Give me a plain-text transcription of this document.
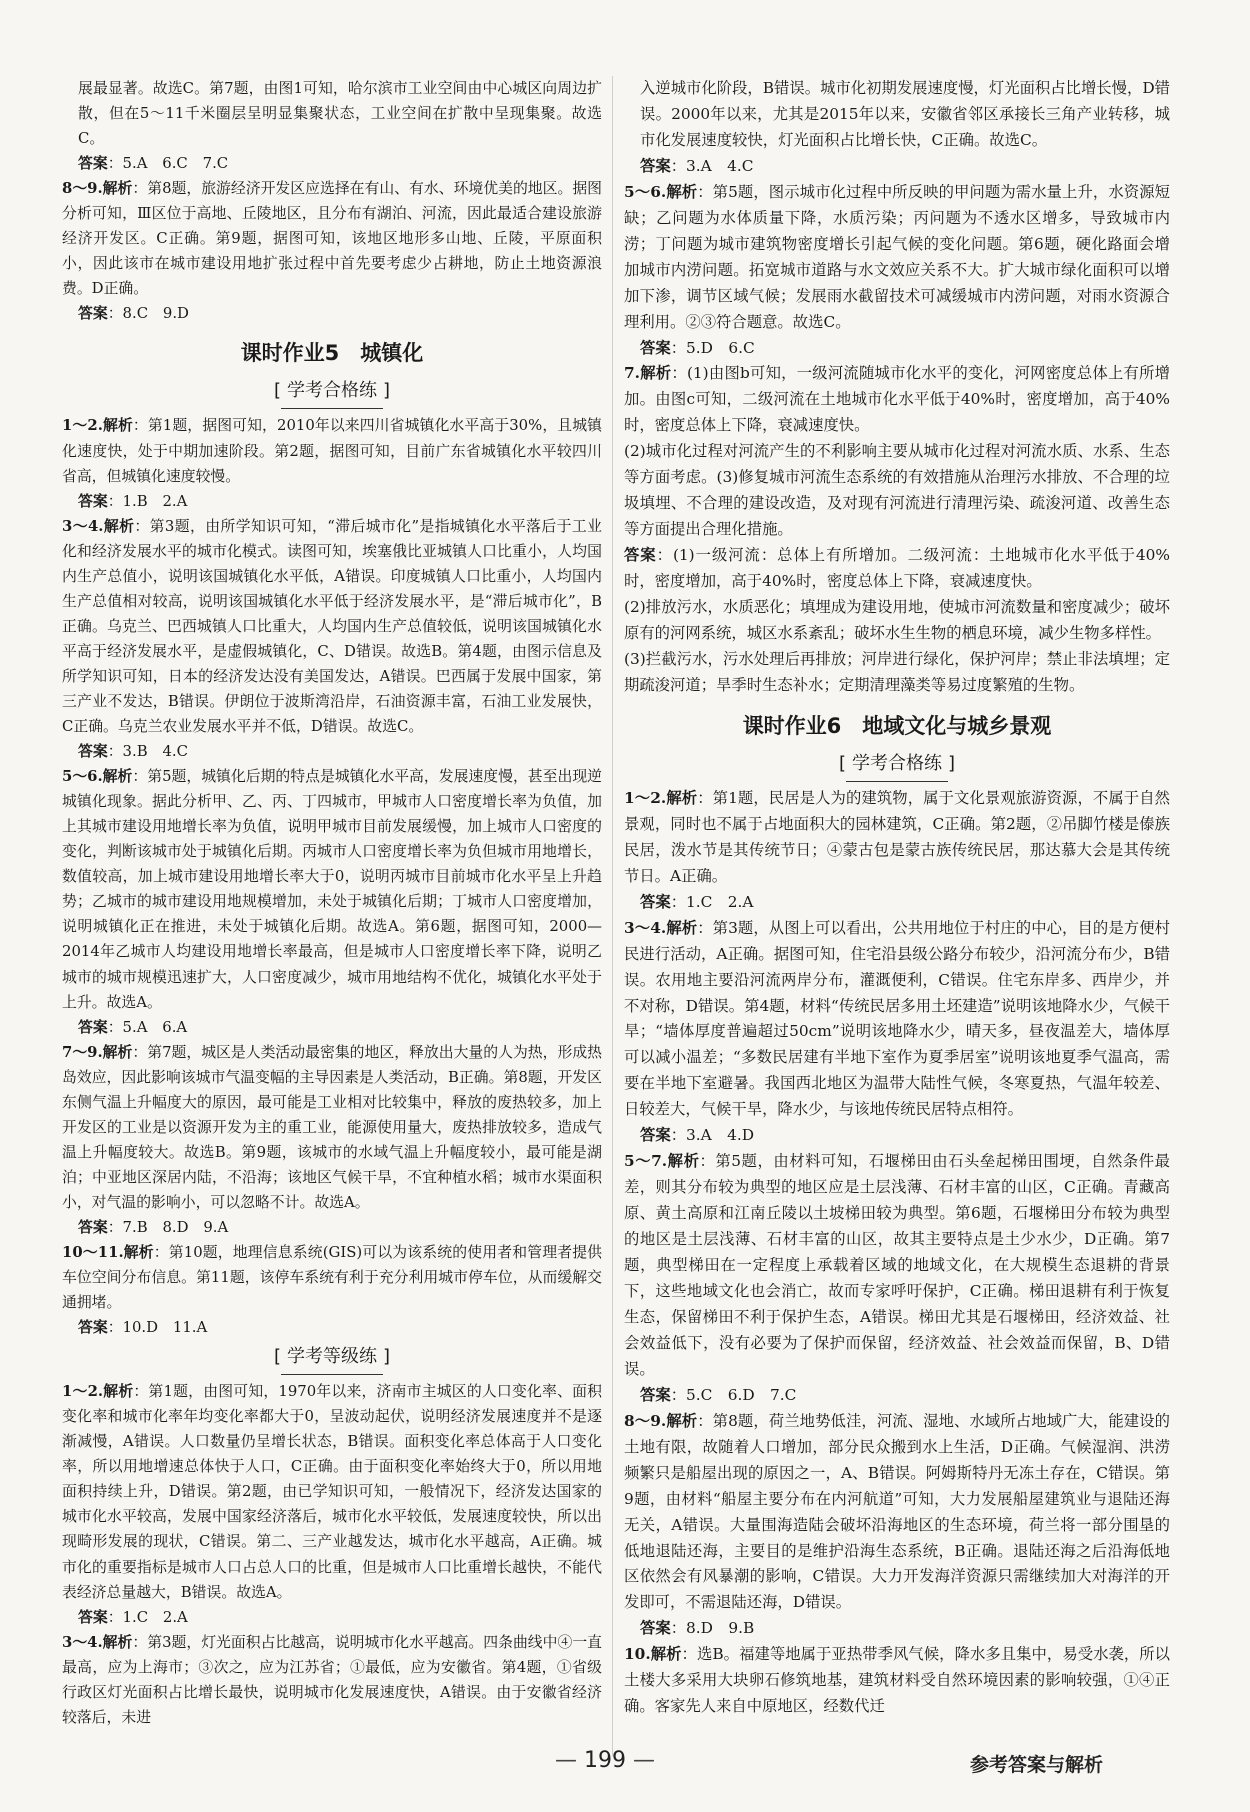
展最显著。故选C。第7题，由图1可知，哈尔滨市工业空间由中心城区向周边扩散，但在5～11千米圈层呈明显集聚状态，工业空间在扩散中呈现集聚。故选C。

答案：5.A　6.C　7.C

8～9.解析：第8题，旅游经济开发区应选择在有山、有水、环境优美的地区。据图分析可知，Ⅲ区位于高地、丘陵地区，且分布有湖泊、河流，因此最适合建设旅游经济开发区。C正确。第9题，据图可知，该地区地形多山地、丘陵，平原面积小，因此该市在城市建设用地扩张过程中首先要考虑少占耕地，防止土地资源浪费。D正确。

答案：8.C　9.D

课时作业5　城镇化
[ 学考合格练 ]

1～2.解析：第1题，据图可知，2010年以来四川省城镇化水平高于30%，且城镇化速度快，处于中期加速阶段。第2题，据图可知，目前广东省城镇化水平较四川省高，但城镇化速度较慢。

答案：1.B　2.A

3～4.解析：第3题，由所学知识可知，“滞后城市化”是指城镇化水平落后于工业化和经济发展水平的城市化模式。读图可知，埃塞俄比亚城镇人口比重小，人均国内生产总值小，说明该国城镇化水平低，A错误。印度城镇人口比重小，人均国内生产总值相对较高，说明该国城镇化水平低于经济发展水平，是“滞后城市化”，B正确。乌克兰、巴西城镇人口比重大，人均国内生产总值较低，说明该国城镇化水平高于经济发展水平，是虚假城镇化，C、D错误。故选B。第4题，由图示信息及所学知识可知，日本的经济发达没有美国发达，A错误。巴西属于发展中国家，第三产业不发达，B错误。伊朗位于波斯湾沿岸，石油资源丰富，石油工业发展快，C正确。乌克兰农业发展水平并不低，D错误。故选C。

答案：3.B　4.C

5～6.解析：第5题，城镇化后期的特点是城镇化水平高，发展速度慢，甚至出现逆城镇化现象。据此分析甲、乙、丙、丁四城市，甲城市人口密度增长率为负值，加上其城市建设用地增长率为负值，说明甲城市目前发展缓慢，加上城市人口密度的变化，判断该城市处于城镇化后期。丙城市人口密度增长率为负但城市用地增长，数值较高，加上城市建设用地增长率大于0，说明丙城市目前城市化水平呈上升趋势；乙城市的城市建设用地规模增加，未处于城镇化后期；丁城市人口密度增加，说明城镇化正在推进，未处于城镇化后期。故选A。第6题，据图可知，2000—2014年乙城市人均建设用地增长率最高，但是城市人口密度增长率下降，说明乙城市的城市规模迅速扩大，人口密度减少，城市用地结构不优化，城镇化水平处于上升。故选A。

答案：5.A　6.A

7～9.解析：第7题，城区是人类活动最密集的地区，释放出大量的人为热，形成热岛效应，因此影响该城市气温变幅的主导因素是人类活动，B正确。第8题，开发区东侧气温上升幅度大的原因，最可能是工业相对比较集中，释放的废热较多，加上开发区的工业是以资源开发为主的重工业，能源使用量大，废热排放较多，造成气温上升幅度较大。故选B。第9题，该城市的水域气温上升幅度较小，最可能是湖泊；中亚地区深居内陆，不沿海；该地区气候干旱，不宜种植水稻；城市水渠面积小，对气温的影响小，可以忽略不计。故选A。

答案：7.B　8.D　9.A

10～11.解析：第10题，地理信息系统(GIS)可以为该系统的使用者和管理者提供车位空间分布信息。第11题，该停车系统有利于充分利用城市停车位，从而缓解交通拥堵。

答案：10.D　11.A

[ 学考等级练 ]

1～2.解析：第1题，由图可知，1970年以来，济南市主城区的人口变化率、面积变化率和城市化率年均变化率都大于0，呈波动起伏，说明经济发展速度并不是逐渐减慢，A错误。人口数量仍呈增长状态，B错误。面积变化率总体高于人口变化率，所以用地增速总体快于人口，C正确。由于面积变化率始终大于0，所以用地面积持续上升，D错误。第2题，由已学知识可知，一般情况下，经济发达国家的城市化水平较高，发展中国家经济落后，城市化水平较低，发展速度较快，所以出现畸形发展的现状，C错误。第二、三产业越发达，城市化水平越高，A正确。城市化的重要指标是城市人口占总人口的比重，但是城市人口比重增长越快，不能代表经济总量越大，B错误。故选A。

答案：1.C　2.A

3～4.解析：第3题，灯光面积占比越高，说明城市化水平越高。四条曲线中④一直最高，应为上海市；③次之，应为江苏省；①最低，应为安徽省。第4题，①省级行政区灯光面积占比增长最快，说明城市化发展速度快，A错误。由于安徽省经济较落后，未进

入逆城市化阶段，B错误。城市化初期发展速度慢，灯光面积占比增长慢，D错误。2000年以来，尤其是2015年以来，安徽省邻区承接长三角产业转移，城市化发展速度较快，灯光面积占比增长快，C正确。故选C。

答案：3.A　4.C

5～6.解析：第5题，图示城市化过程中所反映的甲问题为需水量上升，水资源短缺；乙问题为水体质量下降，水质污染；丙问题为不透水区增多，导致城市内涝；丁问题为城市建筑物密度增长引起气候的变化问题。第6题，硬化路面会增加城市内涝问题。拓宽城市道路与水文效应关系不大。扩大城市绿化面积可以增加下渗，调节区域气候；发展雨水截留技术可减缓城市内涝问题，对雨水资源合理利用。②③符合题意。故选C。

答案：5.D　6.C

7.解析：(1)由图b可知，一级河流随城市化水平的变化，河网密度总体上有所增加。由图c可知，二级河流在土地城市化水平低于40%时，密度增加，高于40%时，密度总体上下降，衰减速度快。

(2)城市化过程对河流产生的不利影响主要从城市化过程对河流水质、水系、生态等方面考虑。(3)修复城市河流生态系统的有效措施从治理污水排放、不合理的垃圾填埋、不合理的建设改造，及对现有河流进行清理污染、疏浚河道、改善生态等方面提出合理化措施。

答案：(1)一级河流：总体上有所增加。二级河流：土地城市化水平低于40%时，密度增加，高于40%时，密度总体上下降，衰减速度快。

(2)排放污水，水质恶化；填埋成为建设用地，使城市河流数量和密度减少；破坏原有的河网系统，城区水系紊乱；破坏水生生物的栖息环境，减少生物多样性。

(3)拦截污水，污水处理后再排放；河岸进行绿化，保护河岸；禁止非法填埋；定期疏浚河道；旱季时生态补水；定期清理藻类等易过度繁殖的生物。

课时作业6　地域文化与城乡景观
[ 学考合格练 ]

1～2.解析：第1题，民居是人为的建筑物，属于文化景观旅游资源，不属于自然景观，同时也不属于占地面积大的园林建筑，C正确。第2题，②吊脚竹楼是傣族民居，泼水节是其传统节日；④蒙古包是蒙古族传统民居，那达慕大会是其传统节日。A正确。

答案：1.C　2.A

3～4.解析：第3题，从图上可以看出，公共用地位于村庄的中心，目的是方便村民进行活动，A正确。据图可知，住宅沿县级公路分布较少，沿河流分布少，B错误。农用地主要沿河流两岸分布，灌溉便利，C错误。住宅东岸多、西岸少，并不对称，D错误。第4题，材料“传统民居多用土坯建造”说明该地降水少，气候干旱；“墙体厚度普遍超过50cm”说明该地降水少，晴天多，昼夜温差大，墙体厚可以减小温差；“多数民居建有半地下室作为夏季居室”说明该地夏季气温高，需要在半地下室避暑。我国西北地区为温带大陆性气候，冬寒夏热，气温年较差、日较差大，气候干旱，降水少，与该地传统民居特点相符。

答案：3.A　4.D

5～7.解析：第5题，由材料可知，石堰梯田由石头垒起梯田围埂，自然条件最差，则其分布较为典型的地区应是土层浅薄、石材丰富的山区，C正确。青藏高原、黄土高原和江南丘陵以土坡梯田较为典型。第6题，石堰梯田分布较为典型的地区是土层浅薄、石材丰富的山区，故其主要特点是土少水少，D正确。第7题，典型梯田在一定程度上承载着区域的地域文化，在大规模生态退耕的背景下，这些地域文化也会消亡，故而专家呼吁保护，C正确。梯田退耕有利于恢复生态，保留梯田不利于保护生态，A错误。梯田尤其是石堰梯田，经济效益、社会效益低下，没有必要为了保护而保留，经济效益、社会效益而保留，B、D错误。

答案：5.C　6.D　7.C

8～9.解析：第8题，荷兰地势低洼，河流、湿地、水域所占地域广大，能建设的土地有限，故随着人口增加，部分民众搬到水上生活，D正确。气候湿润、洪涝频繁只是船屋出现的原因之一，A、B错误。阿姆斯特丹无冻土存在，C错误。第9题，由材料“船屋主要分布在内河航道”可知，大力发展船屋建筑业与退陆还海无关，A错误。大量围海造陆会破坏沿海地区的生态环境，荷兰将一部分围垦的低地退陆还海，主要目的是维护沿海生态系统，B正确。退陆还海之后沿海低地区依然会有风暴潮的影响，C错误。大力开发海洋资源只需继续加大对海洋的开发即可，不需退陆还海，D错误。

答案：8.D　9.B

10.解析：选B。福建等地属于亚热带季风气候，降水多且集中，易受水袭，所以土楼大多采用大块卵石修筑地基，建筑材料受自然环境因素的影响较强，①④正确。客家先人来自中原地区，经数代迁

— 199 —	参考答案与解析
